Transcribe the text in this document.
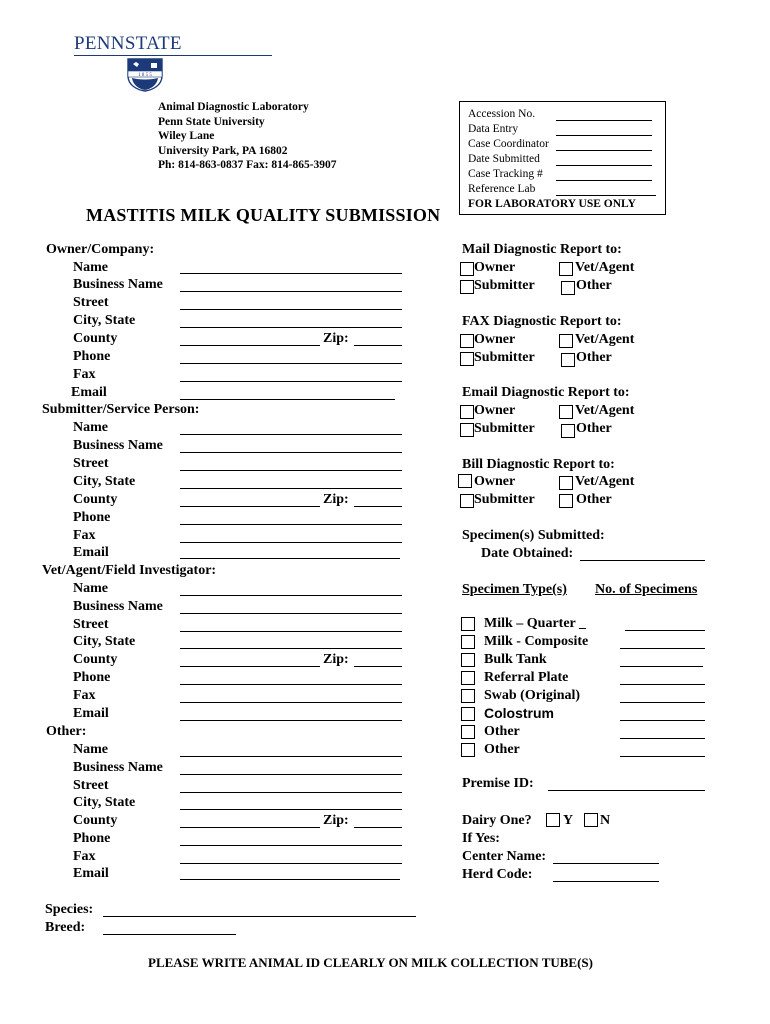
PENNSTATE
1 8 5 5
Animal Diagnostic Laboratory
Penn State University
Wiley Lane
University Park, PA 16802
Ph: 814-863-0837 Fax: 814-865-3907
Accession No.
Data Entry
Case Coordinator
Date Submitted
Case Tracking #
Reference Lab
FOR LABORATORY USE ONLY
MASTITIS MILK QUALITY SUBMISSION
Owner/Company:
Name
Business Name
Street
City, State
County	Zip:
Phone
Fax
Email
Submitter/Service Person:
Name
Business Name
Street
City, State
County	Zip:
Phone
Fax
Email
Vet/Agent/Field Investigator:
Name
Business Name
Street
City, State
County	Zip:
Phone
Fax
Email
Other:
Name
Business Name
Street
City, State
County	Zip:
Phone
Fax
Email
Species:
Breed:
Mail Diagnostic Report to:
Owner	Vet/Agent
Submitter	Other
FAX Diagnostic Report to:
Owner	Vet/Agent
Submitter	Other
Email Diagnostic Report to:
Owner	Vet/Agent
Submitter	Other
Bill Diagnostic Report to:
Owner	Vet/Agent
Submitter	Other
Specimen(s) Submitted:
Date Obtained:
Specimen Type(s) No. of Specimens
Milk – Quarter _
Milk - Composite
Bulk Tank
Referral Plate
Swab (Original)
Colostrum
Other
Other
Premise ID:
Dairy One? Y N
If Yes:
Center Name:
Herd Code:
PLEASE WRITE ANIMAL ID CLEARLY ON MILK COLLECTION TUBE(S)
